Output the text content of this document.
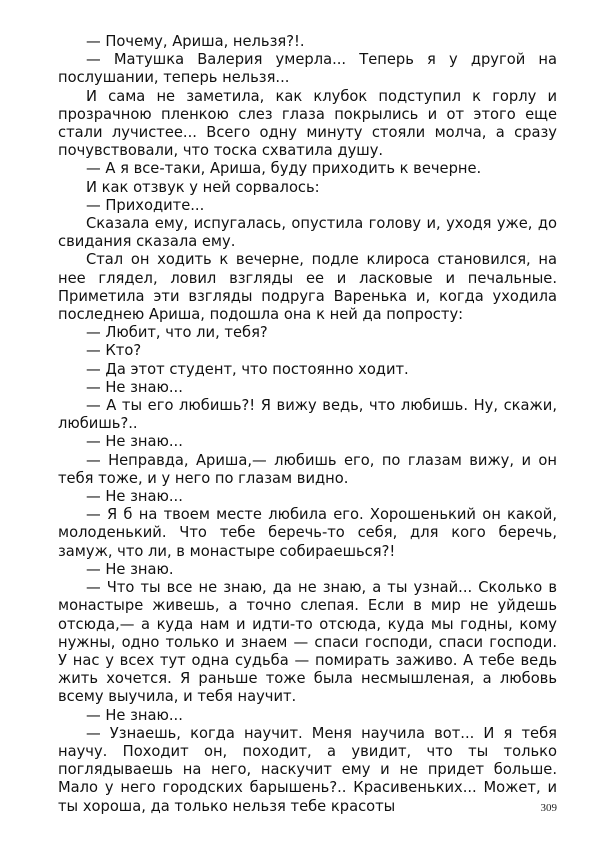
— Почему, Ариша, нельзя?!.

— Матушка Валерия умерла... Теперь я у другой на послушании, теперь нельзя...

И сама не заметила, как клубок подступил к горлу и прозрачною пленкою слез глаза покрылись и от этого еще стали лучистее... Всего одну минуту стояли молча, а сразу почувствовали, что тоска схватила душу.

— А я все-таки, Ариша, буду приходить к вечерне.

И как отзвук у ней сорвалось:

— Приходите...

Сказала ему, испугалась, опустила голову и, уходя уже, до свидания сказала ему.

Стал он ходить к вечерне, подле клироса становился, на нее глядел, ловил взгляды ее и ласковые и печальные. Приметила эти взгляды подруга Варенька и, когда уходила последнею Ариша, подошла она к ней да попросту:

— Любит, что ли, тебя?

— Кто?

— Да этот студент, что постоянно ходит.

— Не знаю...

— А ты его любишь?! Я вижу ведь, что любишь. Ну, скажи, любишь?..

— Не знаю...

— Неправда, Ариша,— любишь его, по глазам вижу, и он тебя тоже, и у него по глазам видно.

— Не знаю...

— Я б на твоем месте любила его. Хорошенький он какой, молоденький. Что тебе беречь-то себя, для кого беречь, замуж, что ли, в монастыре собираешься?!

— Не знаю.

— Что ты все не знаю, да не знаю, а ты узнай... Сколько в монастыре живешь, а точно слепая. Если в мир не уйдешь отсюда,— а куда нам и идти-то отсюда, куда мы годны, кому нужны, одно только и знаем — спаси господи, спаси господи. У нас у всех тут одна судьба — помирать заживо. А тебе ведь жить хочется. Я раньше тоже была несмышленая, а любовь всему выучила, и тебя научит.

— Не знаю...

— Узнаешь, когда научит. Меня научила вот... И я тебя научу. Походит он, походит, а увидит, что ты только поглядываешь на него, наскучит ему и не придет больше. Мало у него городских барышень?.. Красивеньких... Может, и ты хороша, да только нельзя тебе красоты	309
